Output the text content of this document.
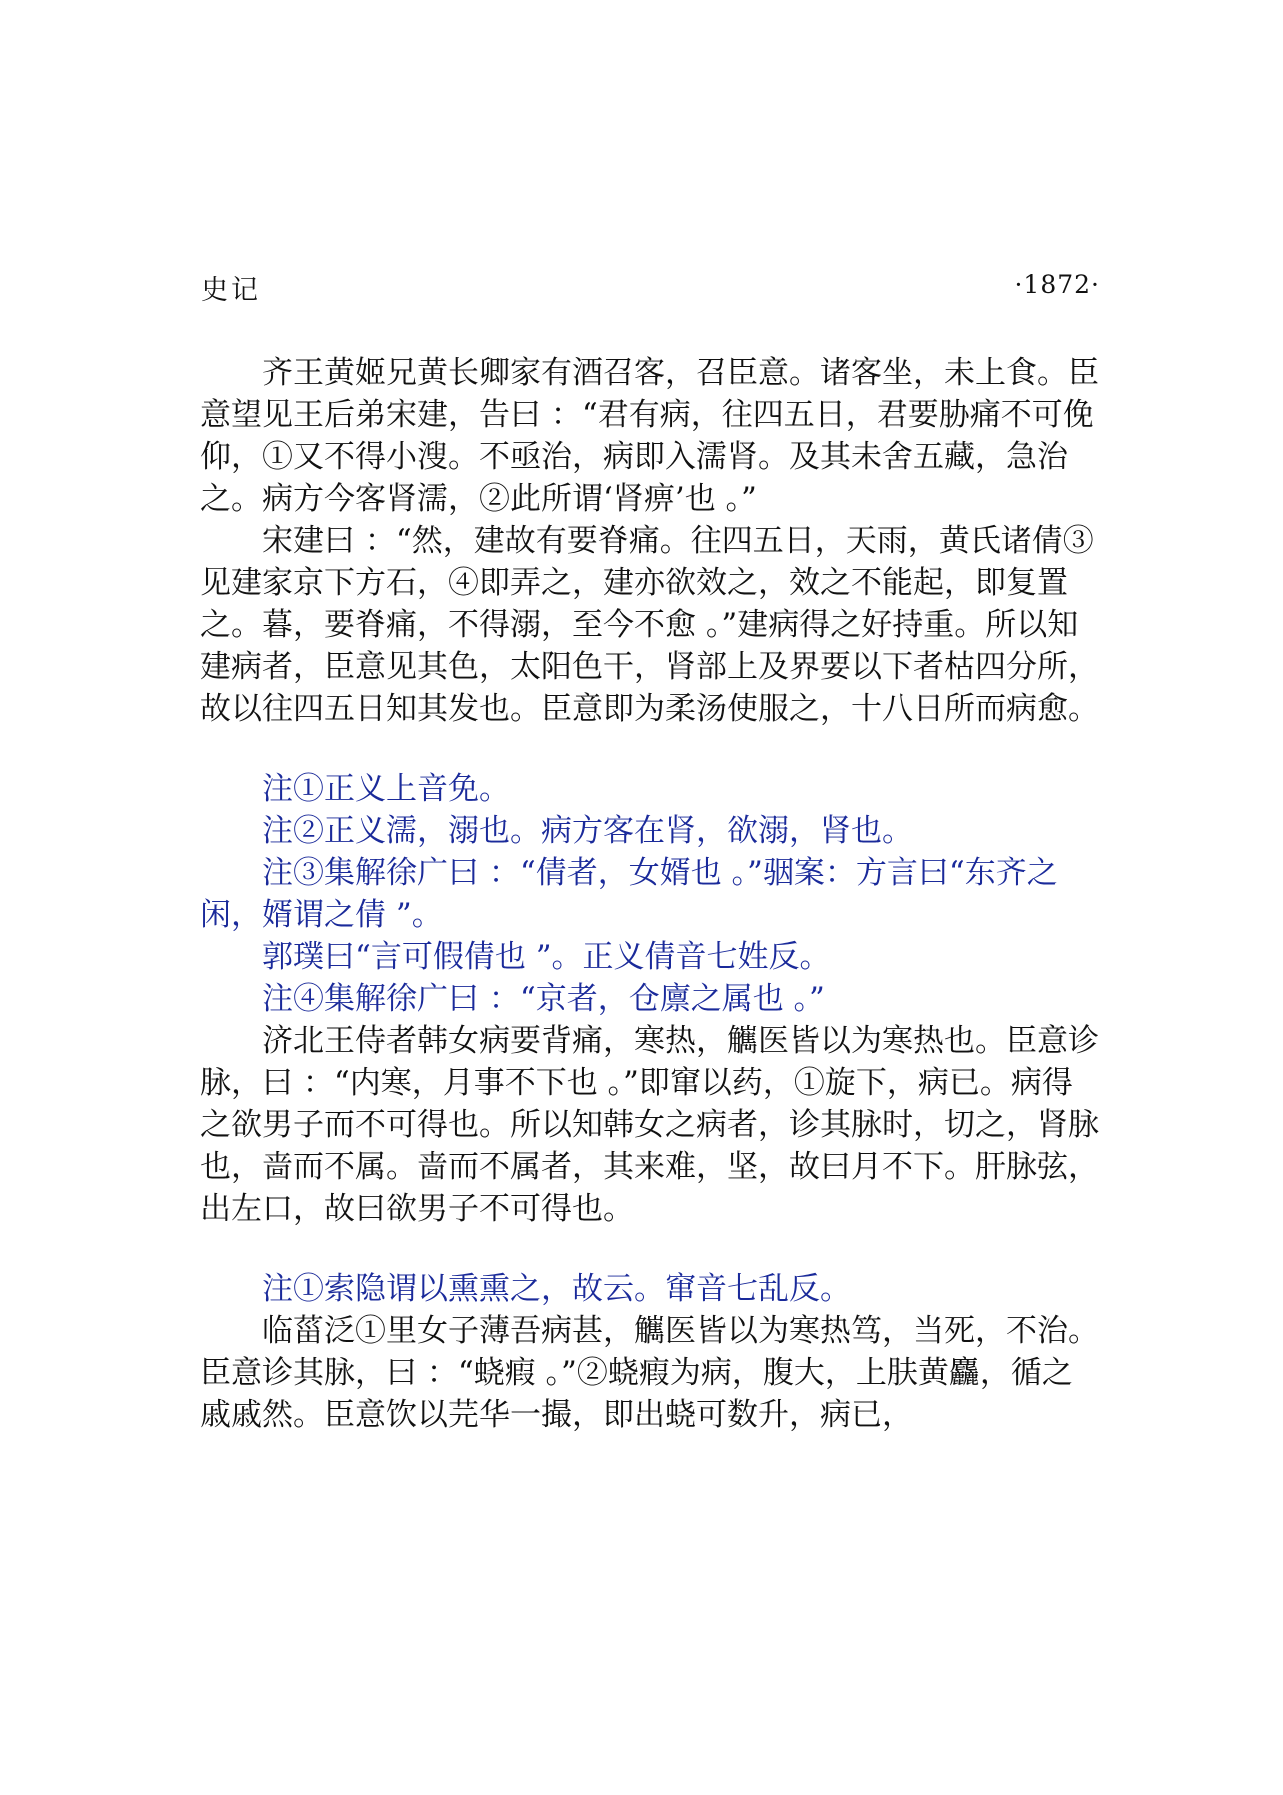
史记	·1872·

齐王黄姬兄黄长卿家有酒召客，召臣意。诸客坐，未上食。臣意望见王后弟宋建，告曰 ：“君有病，往四五日，君要胁痛不可俛仰，①又不得小溲。不亟治，病即入濡肾。及其未舍五藏，急治之。病方今客肾濡，②此所谓‘肾痹’也 。”

宋建曰 ：“然，建故有要脊痛。往四五日，天雨，黄氏诸倩③见建家京下方石，④即弄之，建亦欲效之，效之不能起，即复置之。暮，要脊痛，不得溺，至今不愈 。”建病得之好持重。所以知建病者，臣意见其色，太阳色干，肾部上及界要以下者枯四分所，故以往四五日知其发也。臣意即为柔汤使服之，十八日所而病愈。

注①正义上音免。

注②正义濡，溺也。病方客在肾，欲溺，肾也。

注③集解徐广曰 ：“倩者，女婿也 。”骃案：方言曰“东齐之闲，婿谓之倩 ”。

郭璞曰“言可假倩也 ”。正义倩音七姓反。

注④集解徐广曰 ：“京者，仓廪之属也 。”

济北王侍者韩女病要背痛，寒热，觽医皆以为寒热也。臣意诊脉，曰 ：“内寒，月事不下也 。”即窜以药，①旋下，病已。病得之欲男子而不可得也。所以知韩女之病者，诊其脉时，切之，肾脉也，啬而不属。啬而不属者，其来难，坚，故曰月不下。肝脉弦，出左口，故曰欲男子不可得也。

注①索隐谓以熏熏之，故云。窜音七乱反。

临菑泛①里女子薄吾病甚，觽医皆以为寒热笃，当死，不治。臣意诊其脉，曰 ：“蛲瘕 。”②蛲瘕为病，腹大，上肤黄麤，循之戚戚然。臣意饮以芫华一撮，即出蛲可数升，病已，
